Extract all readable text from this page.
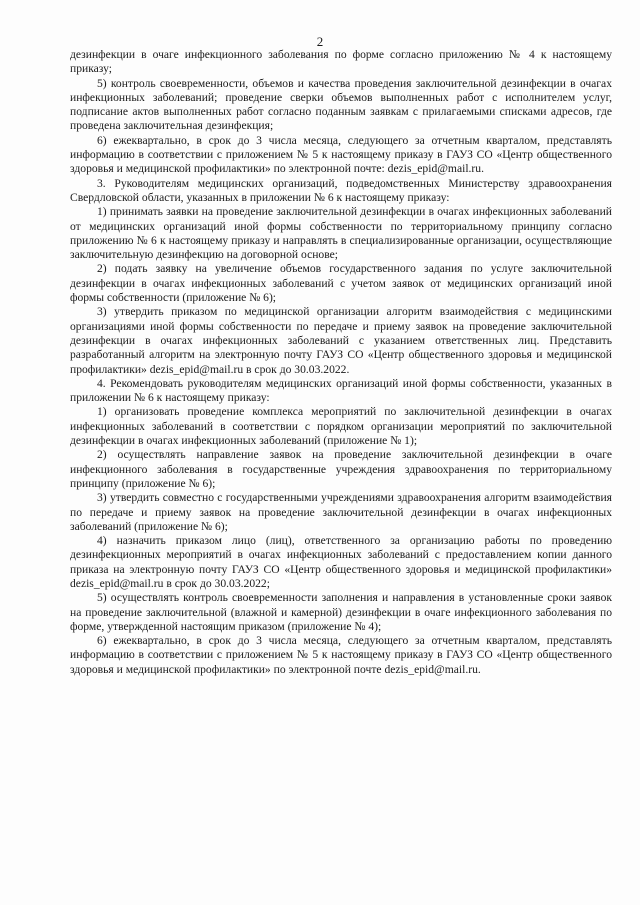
2

дезинфекции в очаге инфекционного заболевания по форме согласно приложению № 4 к настоящему приказу;

5) контроль своевременности, объемов и качества проведения заключительной дезинфекции в очагах инфекционных заболеваний; проведение сверки объемов выполненных работ с исполнителем услуг, подписание актов выполненных работ согласно поданным заявкам с прилагаемыми списками адресов, где проведена заключительная дезинфекция;

6) ежеквартально, в срок до 3 числа месяца, следующего за отчетным кварталом, представлять информацию в соответствии с приложением № 5 к настоящему приказу в ГАУЗ СО «Центр общественного здоровья и медицинской профилактики» по электронной почте: dezis_epid@mail.ru.

3. Руководителям медицинских организаций, подведомственных Министерству здравоохранения Свердловской области, указанных в приложении № 6 к настоящему приказу:

1) принимать заявки на проведение заключительной дезинфекции в очагах инфекционных заболеваний от медицинских организаций иной формы собственности по территориальному принципу согласно приложению № 6 к настоящему приказу и направлять в специализированные организации, осуществляющие заключительную дезинфекцию на договорной основе;

2) подать заявку на увеличение объемов государственного задания по услуге заключительной дезинфекции в очагах инфекционных заболеваний с учетом заявок от медицинских организаций иной формы собственности (приложение № 6);

3) утвердить приказом по медицинской организации алгоритм взаимодействия с медицинскими организациями иной формы собственности по передаче и приему заявок на проведение заключительной дезинфекции в очагах инфекционных заболеваний с указанием ответственных лиц. Представить разработанный алгоритм на электронную почту ГАУЗ СО «Центр общественного здоровья и медицинской профилактики» dezis_epid@mail.ru в срок до 30.03.2022.

4. Рекомендовать руководителям медицинских организаций иной формы собственности, указанных в приложении № 6 к настоящему приказу:

1) организовать проведение комплекса мероприятий по заключительной дезинфекции в очагах инфекционных заболеваний в соответствии с порядком организации мероприятий по заключительной дезинфекции в очагах инфекционных заболеваний (приложение № 1);

2) осуществлять направление заявок на проведение заключительной дезинфекции в очаге инфекционного заболевания в государственные учреждения здравоохранения по территориальному принципу (приложение № 6);

3) утвердить совместно с государственными учреждениями здравоохранения алгоритм взаимодействия по передаче и приему заявок на проведение заключительной дезинфекции в очагах инфекционных заболеваний (приложение № 6);

4) назначить приказом лицо (лиц), ответственного за организацию работы по проведению дезинфекционных мероприятий в очагах инфекционных заболеваний с предоставлением копии данного приказа на электронную почту ГАУЗ СО «Центр общественного здоровья и медицинской профилактики» dezis_epid@mail.ru в срок до 30.03.2022;

5) осуществлять контроль своевременности заполнения и направления в установленные сроки заявок на проведение заключительной (влажной и камерной) дезинфекции в очаге инфекционного заболевания по форме, утвержденной настоящим приказом (приложение № 4);

6) ежеквартально, в срок до 3 числа месяца, следующего за отчетным кварталом, представлять информацию в соответствии с приложением № 5 к настоящему приказу в ГАУЗ СО «Центр общественного здоровья и медицинской профилактики» по электронной почте dezis_epid@mail.ru.
